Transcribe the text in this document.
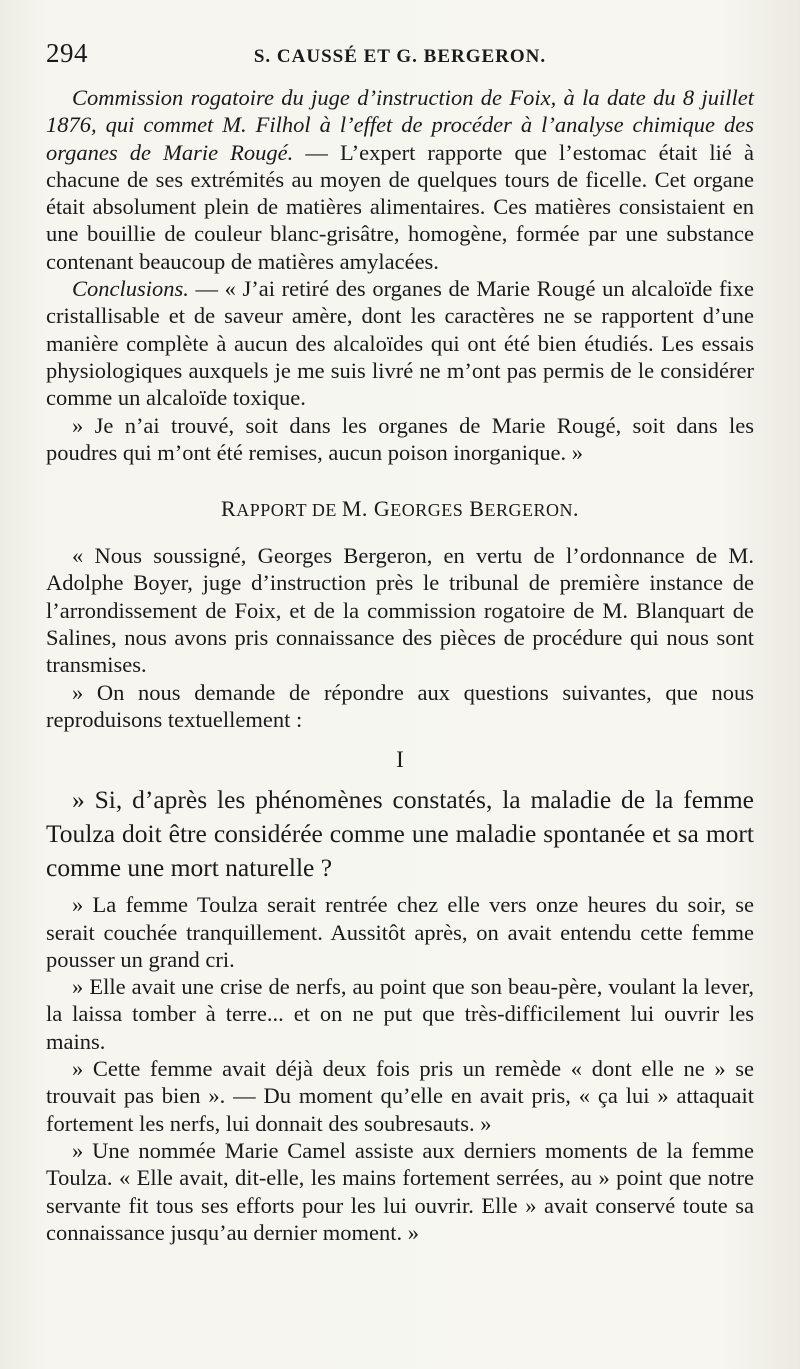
294	S. CAUSSÉ ET G. BERGERON.

Commission rogatoire du juge d’instruction de Foix, à la date du 8 juillet 1876, qui commet M. Filhol à l’effet de procéder à l’analyse chimique des organes de Marie Rougé. — L’expert rapporte que l’estomac était lié à chacune de ses extrémités au moyen de quelques tours de ficelle. Cet organe était absolument plein de matières alimentaires. Ces matières consistaient en une bouillie de couleur blanc-grisâtre, homogène, formée par une substance contenant beaucoup de matières amylacées.

Conclusions. — « J’ai retiré des organes de Marie Rougé un alcaloïde fixe cristallisable et de saveur amère, dont les caractères ne se rapportent d’une manière complète à aucun des alcaloïdes qui ont été bien étudiés. Les essais physiologiques auxquels je me suis livré ne m’ont pas permis de le considérer comme un alcaloïde toxique.

» Je n’ai trouvé, soit dans les organes de Marie Rougé, soit dans les poudres qui m’ont été remises, aucun poison inorganique. »

RAPPORT DE M. GEORGES BERGERON.

« Nous soussigné, Georges Bergeron, en vertu de l’ordonnance de M. Adolphe Boyer, juge d’instruction près le tribunal de première instance de l’arrondissement de Foix, et de la commission rogatoire de M. Blanquart de Salines, nous avons pris connaissance des pièces de procédure qui nous sont transmises.

» On nous demande de répondre aux questions suivantes, que nous reproduisons textuellement :

I

» Si, d’après les phénomènes constatés, la maladie de la femme Toulza doit être considérée comme une maladie spontanée et sa mort comme une mort naturelle ?

» La femme Toulza serait rentrée chez elle vers onze heures du soir, se serait couchée tranquillement. Aussitôt après, on avait entendu cette femme pousser un grand cri.

» Elle avait une crise de nerfs, au point que son beau-père, voulant la lever, la laissa tomber à terre... et on ne put que très-difficilement lui ouvrir les mains.

» Cette femme avait déjà deux fois pris un remède « dont elle ne » se trouvait pas bien ». — Du moment qu’elle en avait pris, « ça lui » attaquait fortement les nerfs, lui donnait des soubresauts. »

» Une nommée Marie Camel assiste aux derniers moments de la femme Toulza. « Elle avait, dit-elle, les mains fortement serrées, au » point que notre servante fit tous ses efforts pour les lui ouvrir. Elle » avait conservé toute sa connaissance jusqu’au dernier moment. »
